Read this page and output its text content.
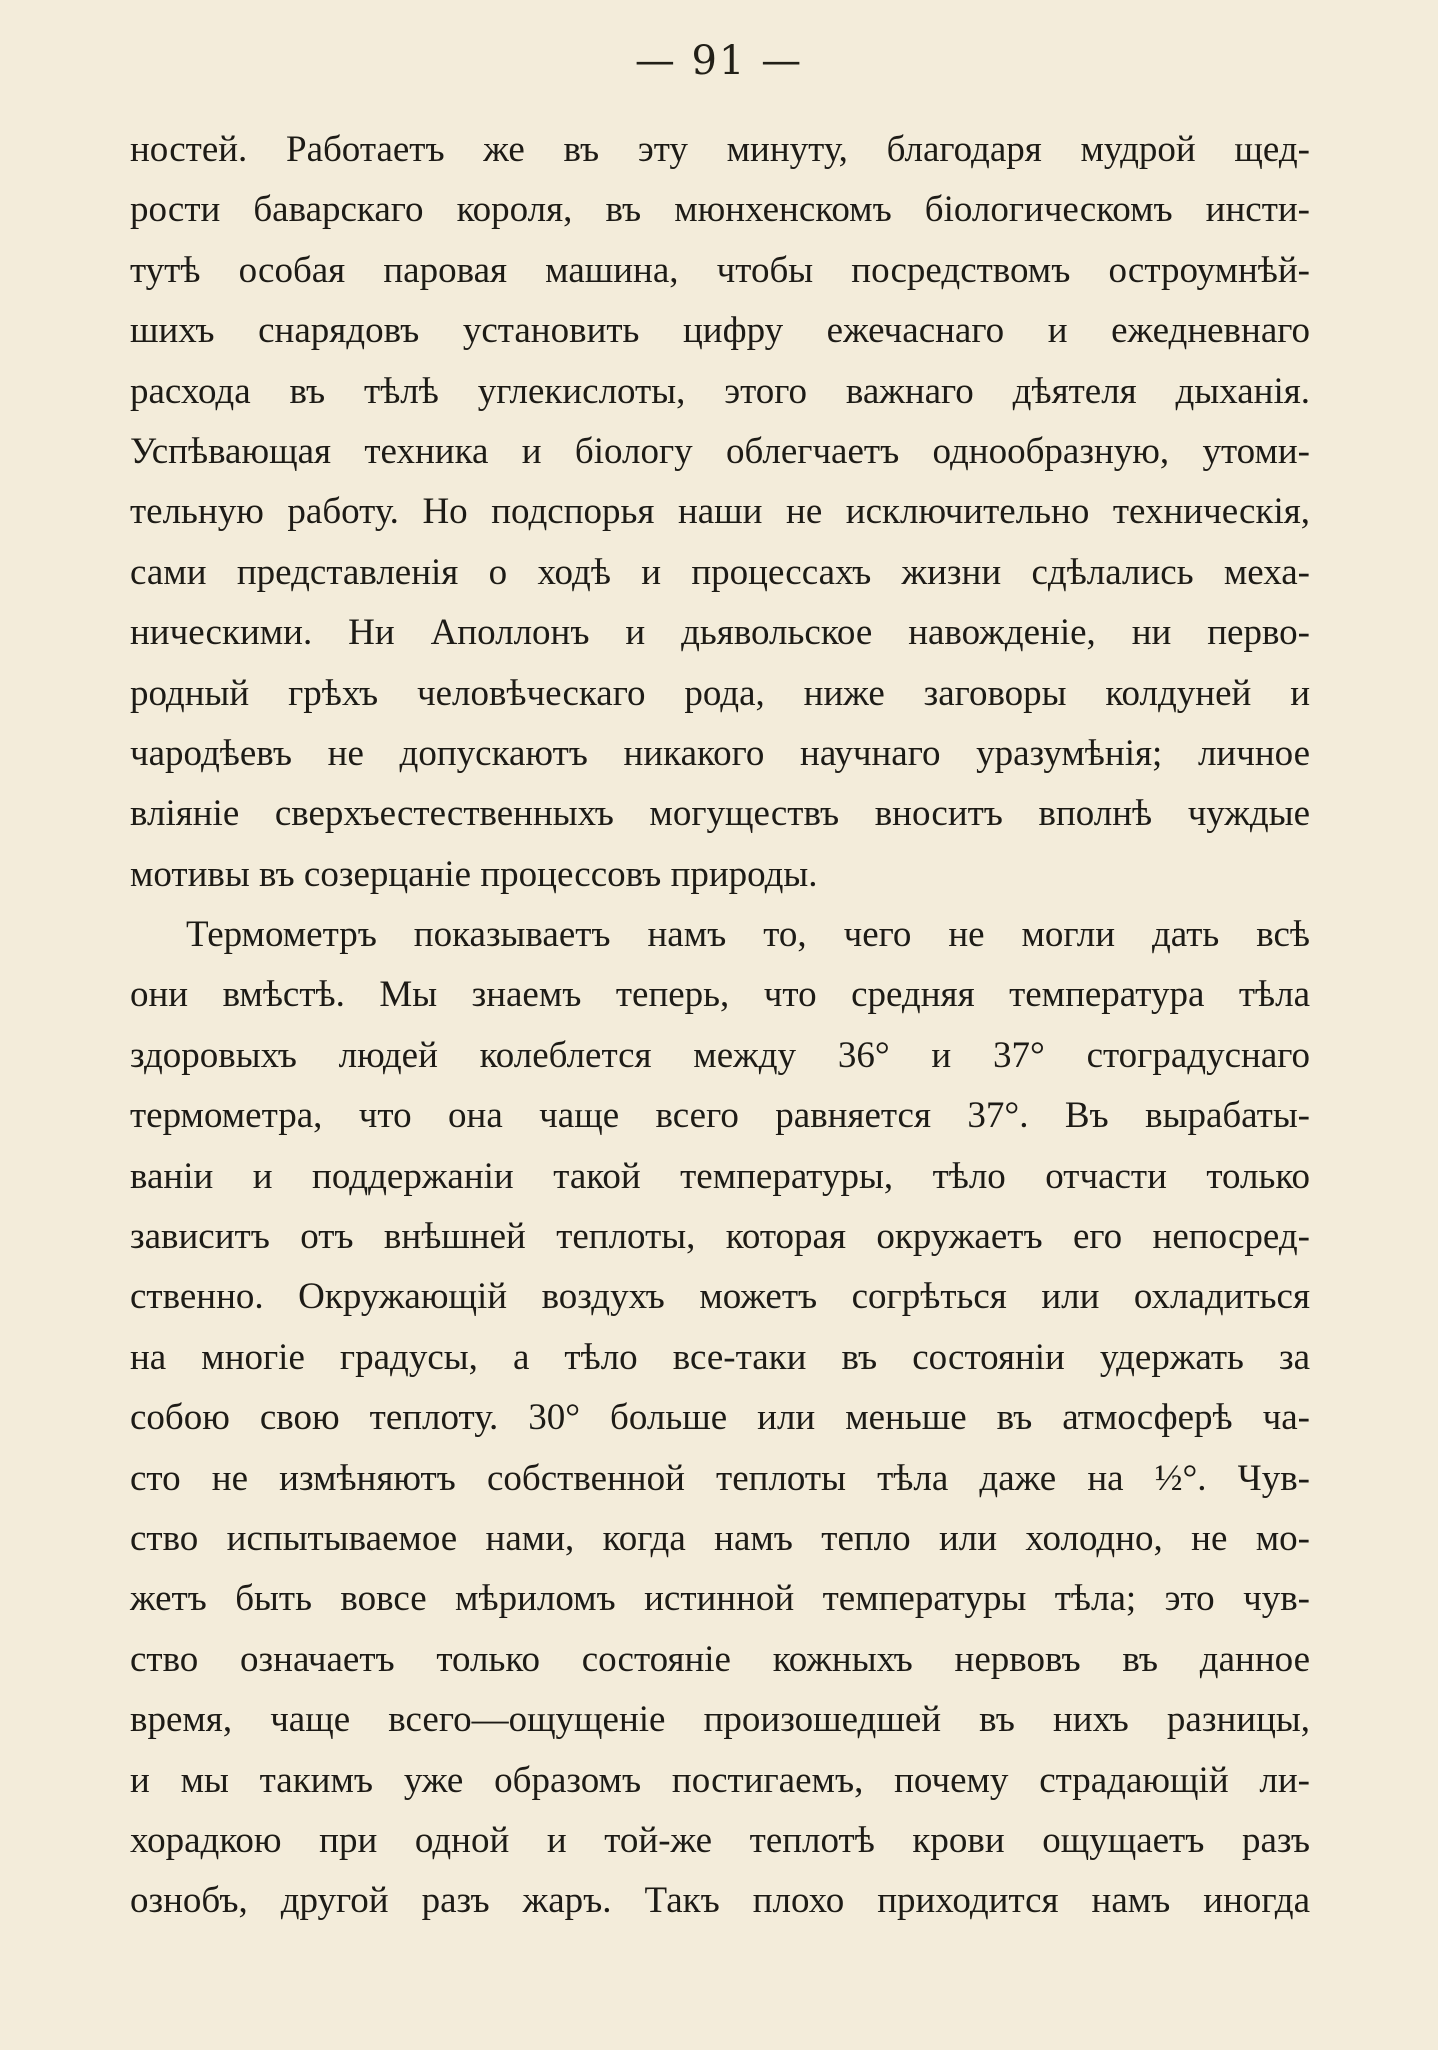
— 91 —
ностей. Работаетъ же въ эту минуту, благодаря мудрой щед-
рости баварскаго короля, въ мюнхенскомъ біологическомъ инсти-
тутѣ особая паровая машина, чтобы посредствомъ остроумнѣй-
шихъ снарядовъ установить цифру ежечаснаго и ежедневнаго
расхода въ тѣлѣ углекислоты, этого важнаго дѣятеля дыханія.
Успѣвающая техника и біологу облегчаетъ однообразную, утоми-
тельную работу. Но подспорья наши не исключительно техническія,
сами представленія о ходѣ и процессахъ жизни сдѣлались меха-
ническими. Ни Аполлонъ и дьявольское навожденіе, ни перво-
родный грѣхъ человѣческаго рода, ниже заговоры колдуней и
чародѣевъ не допускаютъ никакого научнаго уразумѣнія; личное
вліяніе сверхъестественныхъ могуществъ вноситъ вполнѣ чуждые
мотивы въ созерцаніе процессовъ природы.
Термометръ показываетъ намъ то, чего не могли дать всѣ
они вмѣстѣ. Мы знаемъ теперь, что средняя температура тѣла
здоровыхъ людей колеблется между 36° и 37° стоградуснаго
термометра, что она чаще всего равняется 37°. Въ вырабаты-
ваніи и поддержаніи такой температуры, тѣло отчасти только
зависитъ отъ внѣшней теплоты, которая окружаетъ его непосред-
ственно. Окружающій воздухъ можетъ согрѣться или охладиться
на многіе градусы, а тѣло все-таки въ состояніи удержать за
собою свою теплоту. 30° больше или меньше въ атмосферѣ ча-
сто не измѣняютъ собственной теплоты тѣла даже на ½°. Чув-
ство испытываемое нами, когда намъ тепло или холодно, не мо-
жетъ быть вовсе мѣриломъ истинной температуры тѣла; это чув-
ство означаетъ только состояніе кожныхъ нервовъ въ данное
время, чаще всего—ощущеніе произошедшей въ нихъ разницы,
и мы такимъ уже образомъ постигаемъ, почему страдающій ли-
хорадкою при одной и той-же теплотѣ крови ощущаетъ разъ
ознобъ, другой разъ жаръ. Такъ плохо приходится намъ иногда
